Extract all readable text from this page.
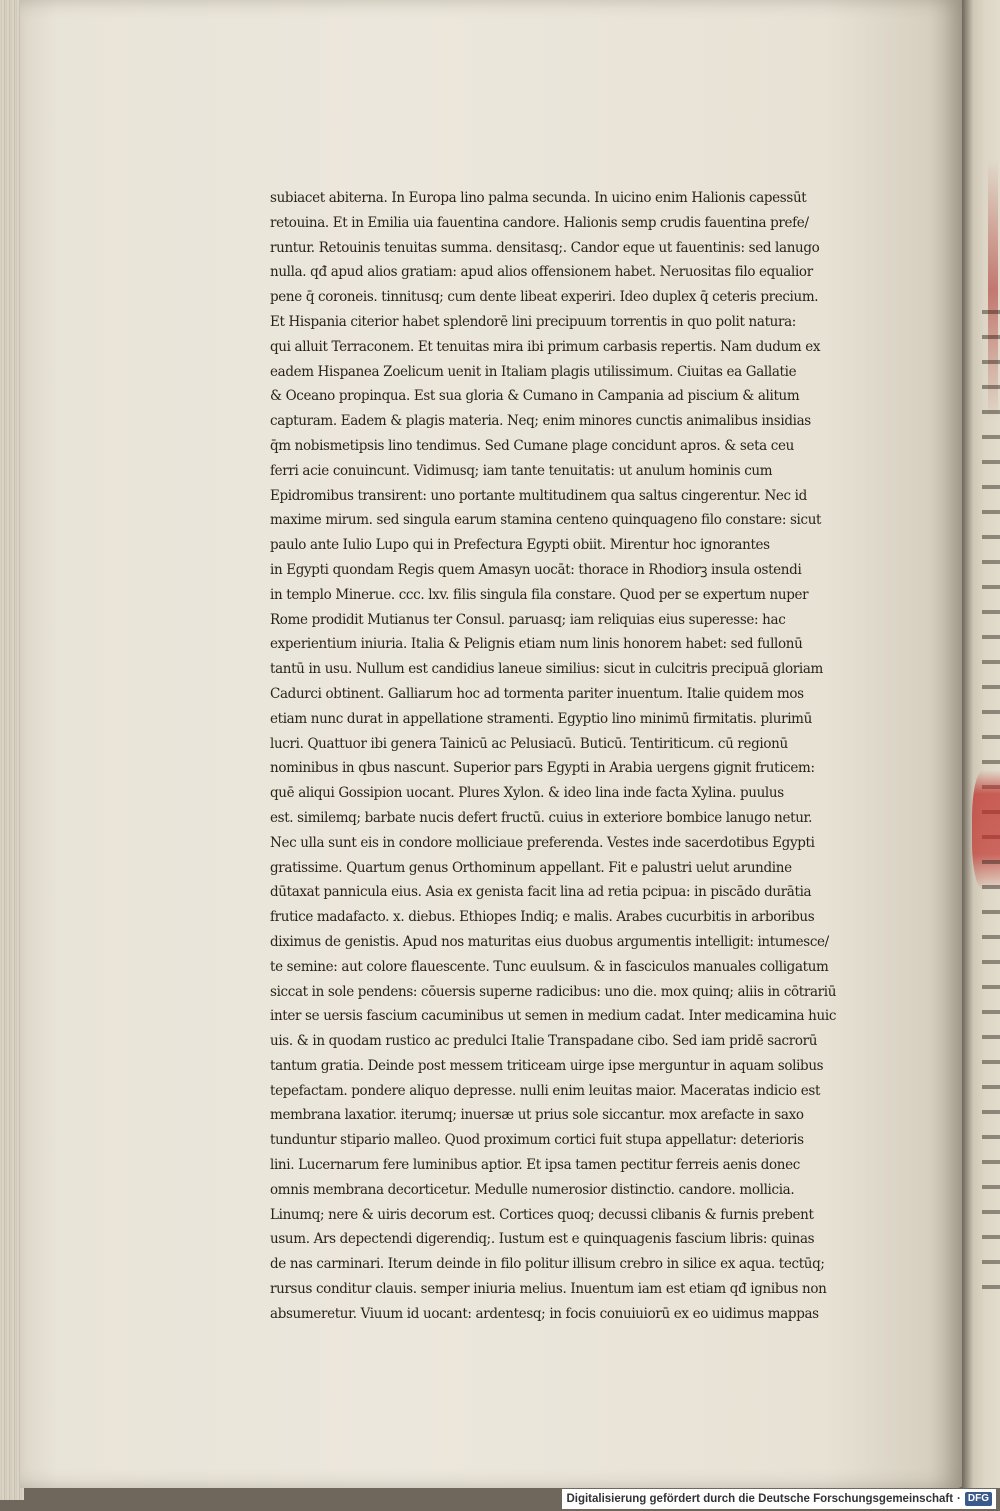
subiacet abiterna. In Europa lino palma secunda. In uicino enim Halionis capessūt
retouina. Et in Emilia uia fauentina candore. Halionis semp crudis fauentina prefe/
runtur. Retouinis tenuitas summa. densitasq;. Candor eque ut fauentinis: sed lanugo
nulla. qđ apud alios gratiam: apud alios offensionem habet. Neruositas filo equalior
pene q̄ coroneis. tinnitusq; cum dente libeat experiri. Ideo duplex q̄ ceteris precium.
Et Hispania citerior habet splendorē lini precipuum torrentis in quo polit natura:
qui alluit Terraconem. Et tenuitas mira ibi primum carbasis repertis. Nam dudum ex
eadem Hispanea Zoelicum uenit in Italiam plagis utilissimum. Ciuitas ea Gallatie
& Oceano propinqua. Est sua gloria & Cumano in Campania ad piscium & alitum
capturam. Eadem & plagis materia. Neq; enim minores cunctis animalibus insidias
q̄m nobismetipsis lino tendimus. Sed Cumane plage concidunt apros. & seta ceu
ferri acie conuincunt. Vidimusq; iam tante tenuitatis: ut anulum hominis cum
Epidromibus transirent: uno portante multitudinem qua saltus cingerentur. Nec id
maxime mirum. sed singula earum stamina centeno quinquageno filo constare: sicut
paulo ante Iulio Lupo qui in Prefectura Egypti obiit. Mirentur hoc ignorantes
in Egypti quondam Regis quem Amasyn uocāt: thorace in Rhodiorꝫ insula ostendi
in templo Minerue. ccc. lxv. filis singula fila constare. Quod per se expertum nuper
Rome prodidit Mutianus ter Consul. paruasq; iam reliquias eius superesse: hac
experientium iniuria. Italia & Pelignis etiam num linis honorem habet: sed fullonū
tantū in usu. Nullum est candidius laneue similius: sicut in culcitris precipuā gloriam
Cadurci obtinent. Galliarum hoc ad tormenta pariter inuentum. Italie quidem mos
etiam nunc durat in appellatione stramenti. Egyptio lino minimū firmitatis. plurimū
lucri. Quattuor ibi genera Tainicū ac Pelusiacū. Buticū. Tentiriticum. cū regionū
nominibus in qbus nascunt. Superior pars Egypti in Arabia uergens gignit fruticem:
quē aliqui Gossipion uocant. Plures Xylon. & ideo lina inde facta Xylina. puulus
est. similemq; barbate nucis defert fructū. cuius in exteriore bombice lanugo netur.
Nec ulla sunt eis in condore molliciaue preferenda. Vestes inde sacerdotibus Egypti
gratissime. Quartum genus Orthominum appellant. Fit e palustri uelut arundine
dūtaxat pannicula eius. Asia ex genista facit lina ad retia pcipua: in piscādo durātia
frutice madafacto. x. diebus. Ethiopes Indiq; e malis. Arabes cucurbitis in arboribus
diximus de genistis. Apud nos maturitas eius duobus argumentis intelligit: intumesce/
te semine: aut colore flauescente. Tunc euulsum. & in fasciculos manuales colligatum
siccat in sole pendens: cōuersis superne radicibus: uno die. mox quinq; aliis in cōtrariū
inter se uersis fascium cacuminibus ut semen in medium cadat. Inter medicamina huic
uis. & in quodam rustico ac predulci Italie Transpadane cibo. Sed iam pridē sacrorū
tantum gratia. Deinde post messem triticeam uirge ipse merguntur in aquam solibus
tepefactam. pondere aliquo depresse. nulli enim leuitas maior. Maceratas indicio est
membrana laxatior. iterumq; inuersæ ut prius sole siccantur. mox arefacte in saxo
tunduntur stipario malleo. Quod proximum cortici fuit stupa appellatur: deterioris
lini. Lucernarum fere luminibus aptior. Et ipsa tamen pectitur ferreis aenis donec
omnis membrana decorticetur. Medulle numerosior distinctio. candore. mollicia.
Linumq; nere & uiris decorum est. Cortices quoq; decussi clibanis & furnis prebent
usum. Ars depectendi digerendiq;. Iustum est e quinquagenis fascium libris: quinas
de nas carminari. Iterum deinde in filo politur illisum crebro in silice ex aqua. tectūq;
rursus conditur clauis. semper iniuria melius. Inuentum iam est etiam qđ ignibus non
absumeretur. Viuum id uocant: ardentesq; in focis conuiuiorū ex eo uidimus mappas
Digitalisierung gefördert durch die Deutsche Forschungsgemeinschaft · DFG
